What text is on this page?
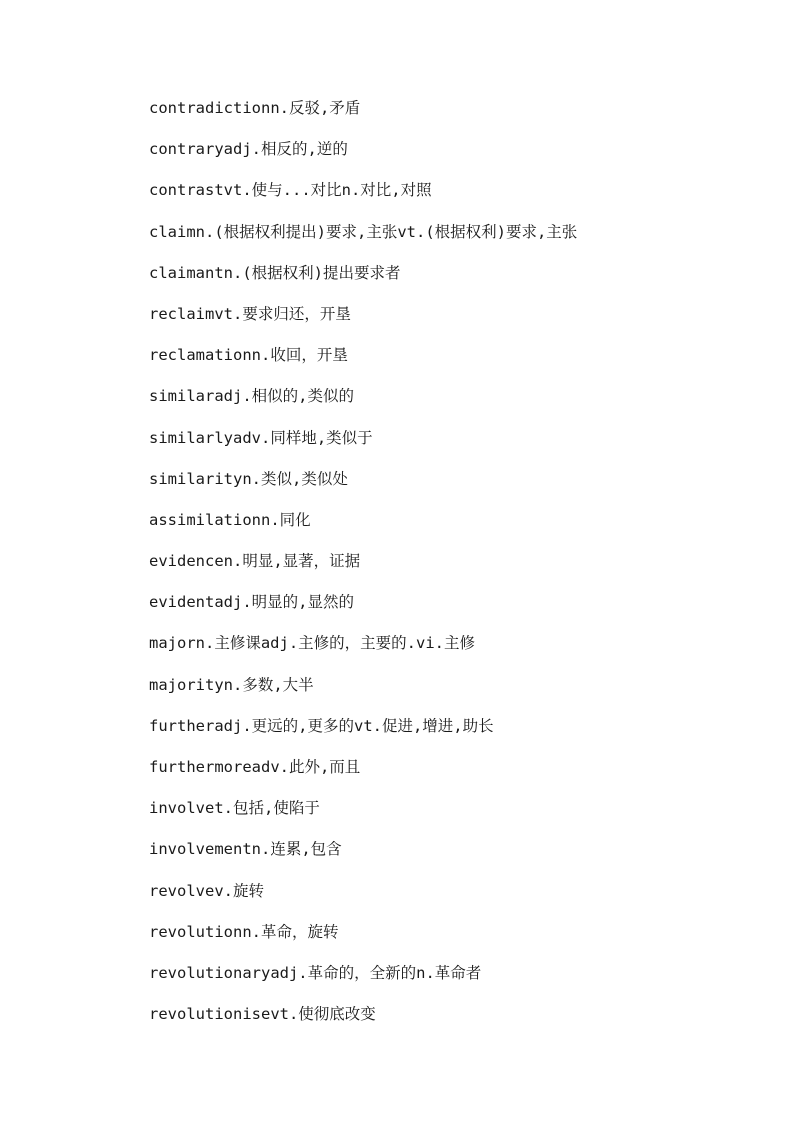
contradictionn.反驳,矛盾
contraryadj.相反的,逆的
contrastvt.使与...对比n.对比,对照
claimn.(根据权利提出)要求,主张vt.(根据权利)要求,主张
claimantn.(根据权利)提出要求者
reclaimvt.要求归还，开垦
reclamationn.收回，开垦
similaradj.相似的,类似的
similarlyadv.同样地,类似于
similarityn.类似,类似处
assimilationn.同化
evidencen.明显,显著，证据
evidentadj.明显的,显然的
majorn.主修课adj.主修的，主要的.vi.主修
majorityn.多数,大半
furtheradj.更远的,更多的vt.促进,增进,助长
furthermoreadv.此外,而且
involvet.包括,使陷于
involvementn.连累,包含
revolvev.旋转
revolutionn.革命，旋转
revolutionaryadj.革命的，全新的n.革命者
revolutionisevt.使彻底改变
